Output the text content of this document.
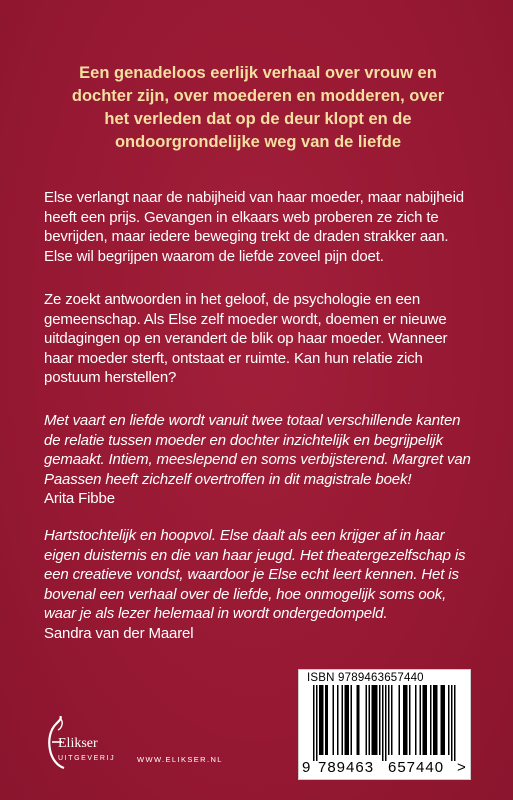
Een genadeloos eerlijk verhaal over vrouw en dochter zijn, over moederen en modderen, over het verleden dat op de deur klopt en de ondoorgrondelijke weg van de liefde

Else verlangt naar de nabijheid van haar moeder, maar nabijheid heeft een prijs. Gevangen in elkaars web proberen ze zich te bevrijden, maar iedere beweging trekt de draden strakker aan. Else wil begrijpen waarom de liefde zoveel pijn doet.

Ze zoekt antwoorden in het geloof, de psychologie en een gemeenschap. Als Else zelf moeder wordt, doemen er nieuwe uitdagingen op en verandert de blik op haar moeder. Wanneer haar moeder sterft, ontstaat er ruimte. Kan hun relatie zich postuum herstellen?

Met vaart en liefde wordt vanuit twee totaal verschillende kanten de relatie tussen moeder en dochter inzichtelijk en begrijpelijk gemaakt. Intiem, meeslepend en soms verbijsterend. Margret van Paassen heeft zichzelf overtroffen in dit magistrale boek!
Arita Fibbe
Hartstochtelijk en hoopvol. Else daalt als een krijger af in haar eigen duisternis en die van haar jeugd. Het theatergezelfschap is een creatieve vondst, waardoor je Else echt leert kennen. Het is bovenal een verhaal over de liefde, hoe onmogelijk soms ook, waar je als lezer helemaal in wordt ondergedompeld.
Sandra van der Maarel
ISBN 9789463657440
9 789463 657440 >
Elikser
UITGEVERIJ	WWW.ELIKSER.NL
